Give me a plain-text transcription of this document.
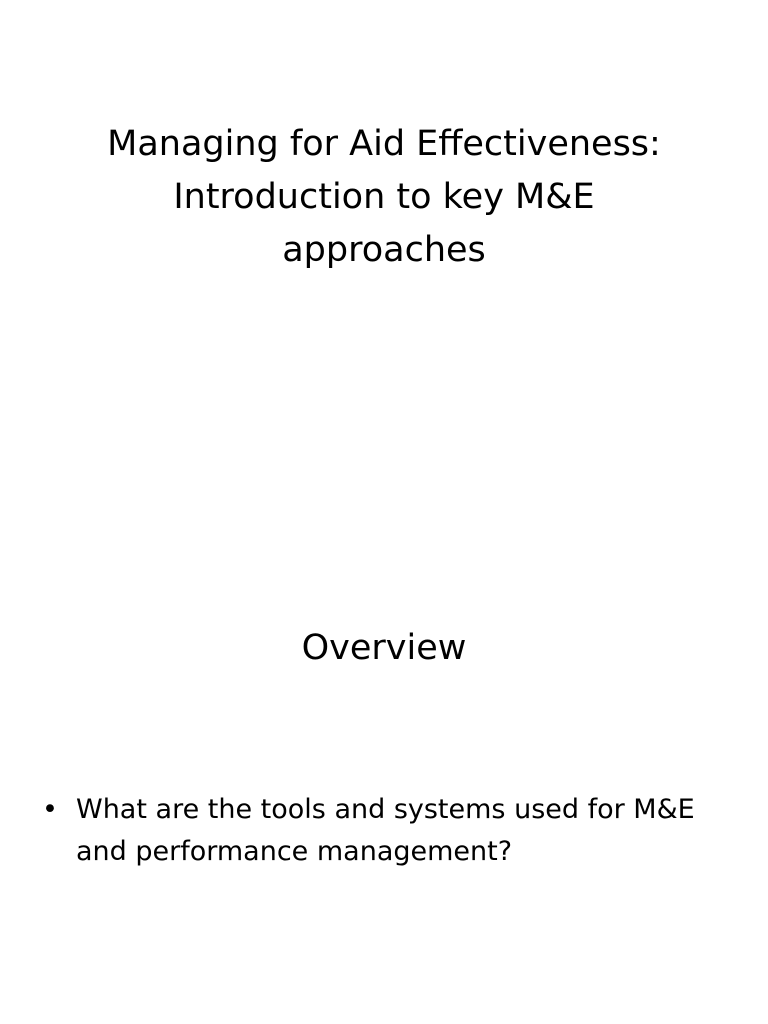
Managing for Aid Effectiveness:
Introduction to key M&E
approaches
Overview
• What are the tools and systems used for M&E
and performance management?
